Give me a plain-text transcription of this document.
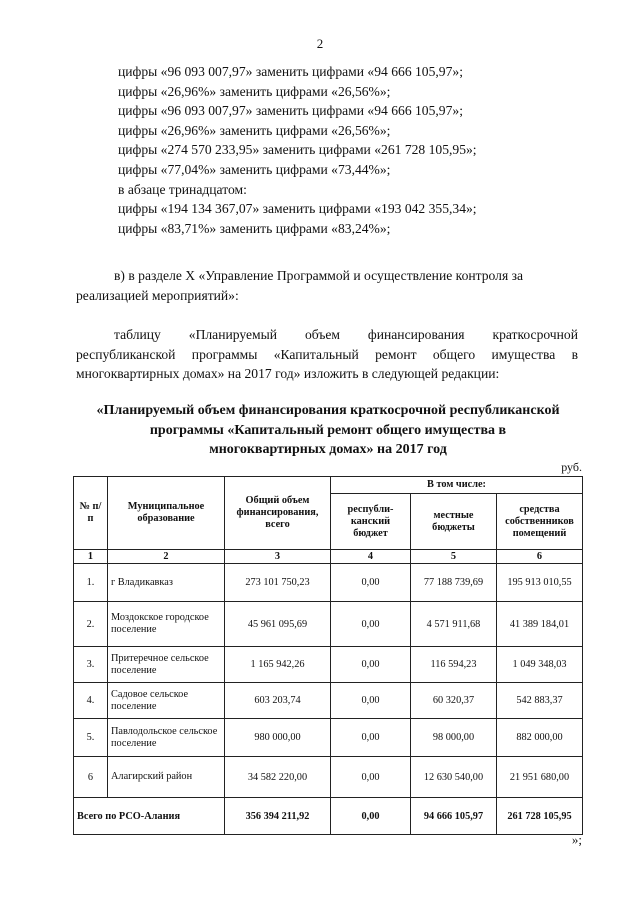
2
цифры «96 093 007,97» заменить цифрами «94 666 105,97»;
цифры «26,96%» заменить цифрами «26,56%»;
цифры «96 093 007,97» заменить цифрами «94 666 105,97»;
цифры «26,96%» заменить цифрами «26,56%»;
цифры «274 570 233,95» заменить цифрами «261 728 105,95»;
цифры «77,04%» заменить цифрами «73,44%»;
в абзаце тринадцатом:
цифры «194 134 367,07» заменить цифрами «193 042 355,34»;
цифры «83,71%» заменить цифрами «83,24%»;
в) в разделе X «Управление Программой и осуществление контроля за
реализацией мероприятий»:
таблицу «Планируемый объем финансирования краткосрочной
республиканской программы «Капитальный ремонт общего имущества в
многоквартирных домах» на 2017 год» изложить в следующей редакции:
«Планируемый объем финансирования краткосрочной республиканской
программы «Капитальный ремонт общего имущества в
многоквартирных домах» на 2017 год
руб.
№ п/п	Муниципальное образование	Общий объем финансирования, всего	В том числе:		
			республи-канский бюджет	местные бюджеты	средства собственников помещений
1	2	3	4	5	6
1.	г Владикавказ	273 101 750,23	0,00	77 188 739,69	195 913 010,55
2.	Моздокское городское поселение	45 961 095,69	0,00	4 571 911,68	41 389 184,01
3.	Притеречное сельское поселение	1 165 942,26	0,00	116 594,23	1 049 348,03
4.	Садовое сельское поселение	603 203,74	0,00	60 320,37	542 883,37
5.	Павлодольское сельское поселение	980 000,00	0,00	98 000,00	882 000,00
6	Алагирский район	34 582 220,00	0,00	12 630 540,00	21 951 680,00
Всего по РСО-Алания		356 394 211,92	0,00	94 666 105,97	261 728 105,95
»;
